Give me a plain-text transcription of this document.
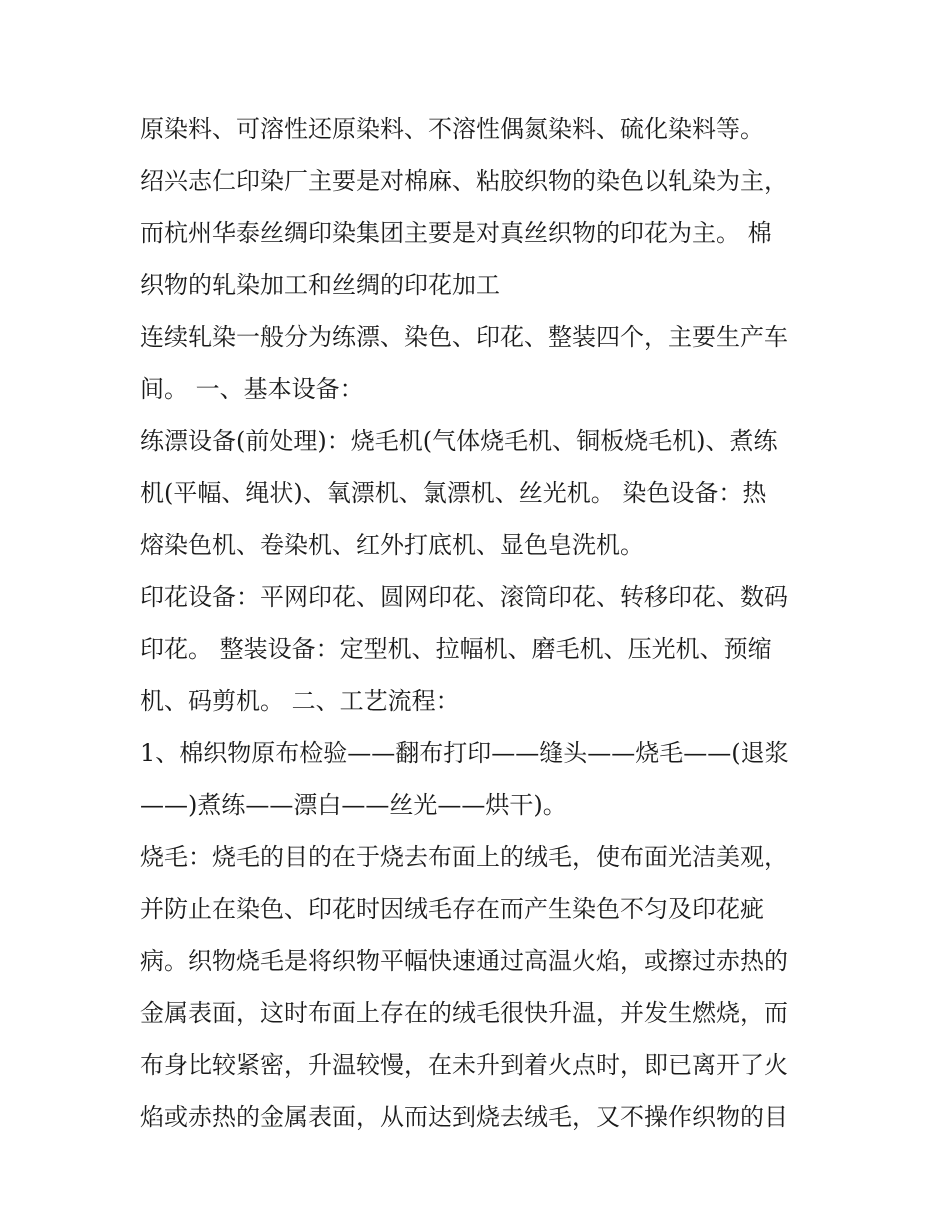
原染料、可溶性还原染料、不溶性偶氮染料、硫化染料等。
绍兴志仁印染厂主要是对棉麻、粘胶织物的染色以轧染为主，
而杭州华泰丝绸印染集团主要是对真丝织物的印花为主。 棉
织物的轧染加工和丝绸的印花加工
连续轧染一般分为练漂、染色、印花、整装四个，主要生产车
间。 一、基本设备：
练漂设备(前处理)：烧毛机(气体烧毛机、铜板烧毛机)、煮练
机(平幅、绳状)、氧漂机、氯漂机、丝光机。 染色设备：热
熔染色机、卷染机、红外打底机、显色皂洗机。
印花设备：平网印花、圆网印花、滚筒印花、转移印花、数码
印花。 整装设备：定型机、拉幅机、磨毛机、压光机、预缩
机、码剪机。 二、工艺流程：
1、棉织物原布检验——翻布打印——缝头——烧毛——(退浆
——)煮练——漂白——丝光——烘干)。
烧毛：烧毛的目的在于烧去布面上的绒毛，使布面光洁美观，
并防止在染色、印花时因绒毛存在而产生染色不匀及印花疵
病。织物烧毛是将织物平幅快速通过高温火焰，或擦过赤热的
金属表面，这时布面上存在的绒毛很快升温，并发生燃烧，而
布身比较紧密，升温较慢，在未升到着火点时，即已离开了火
焰或赤热的金属表面，从而达到烧去绒毛，又不操作织物的目
